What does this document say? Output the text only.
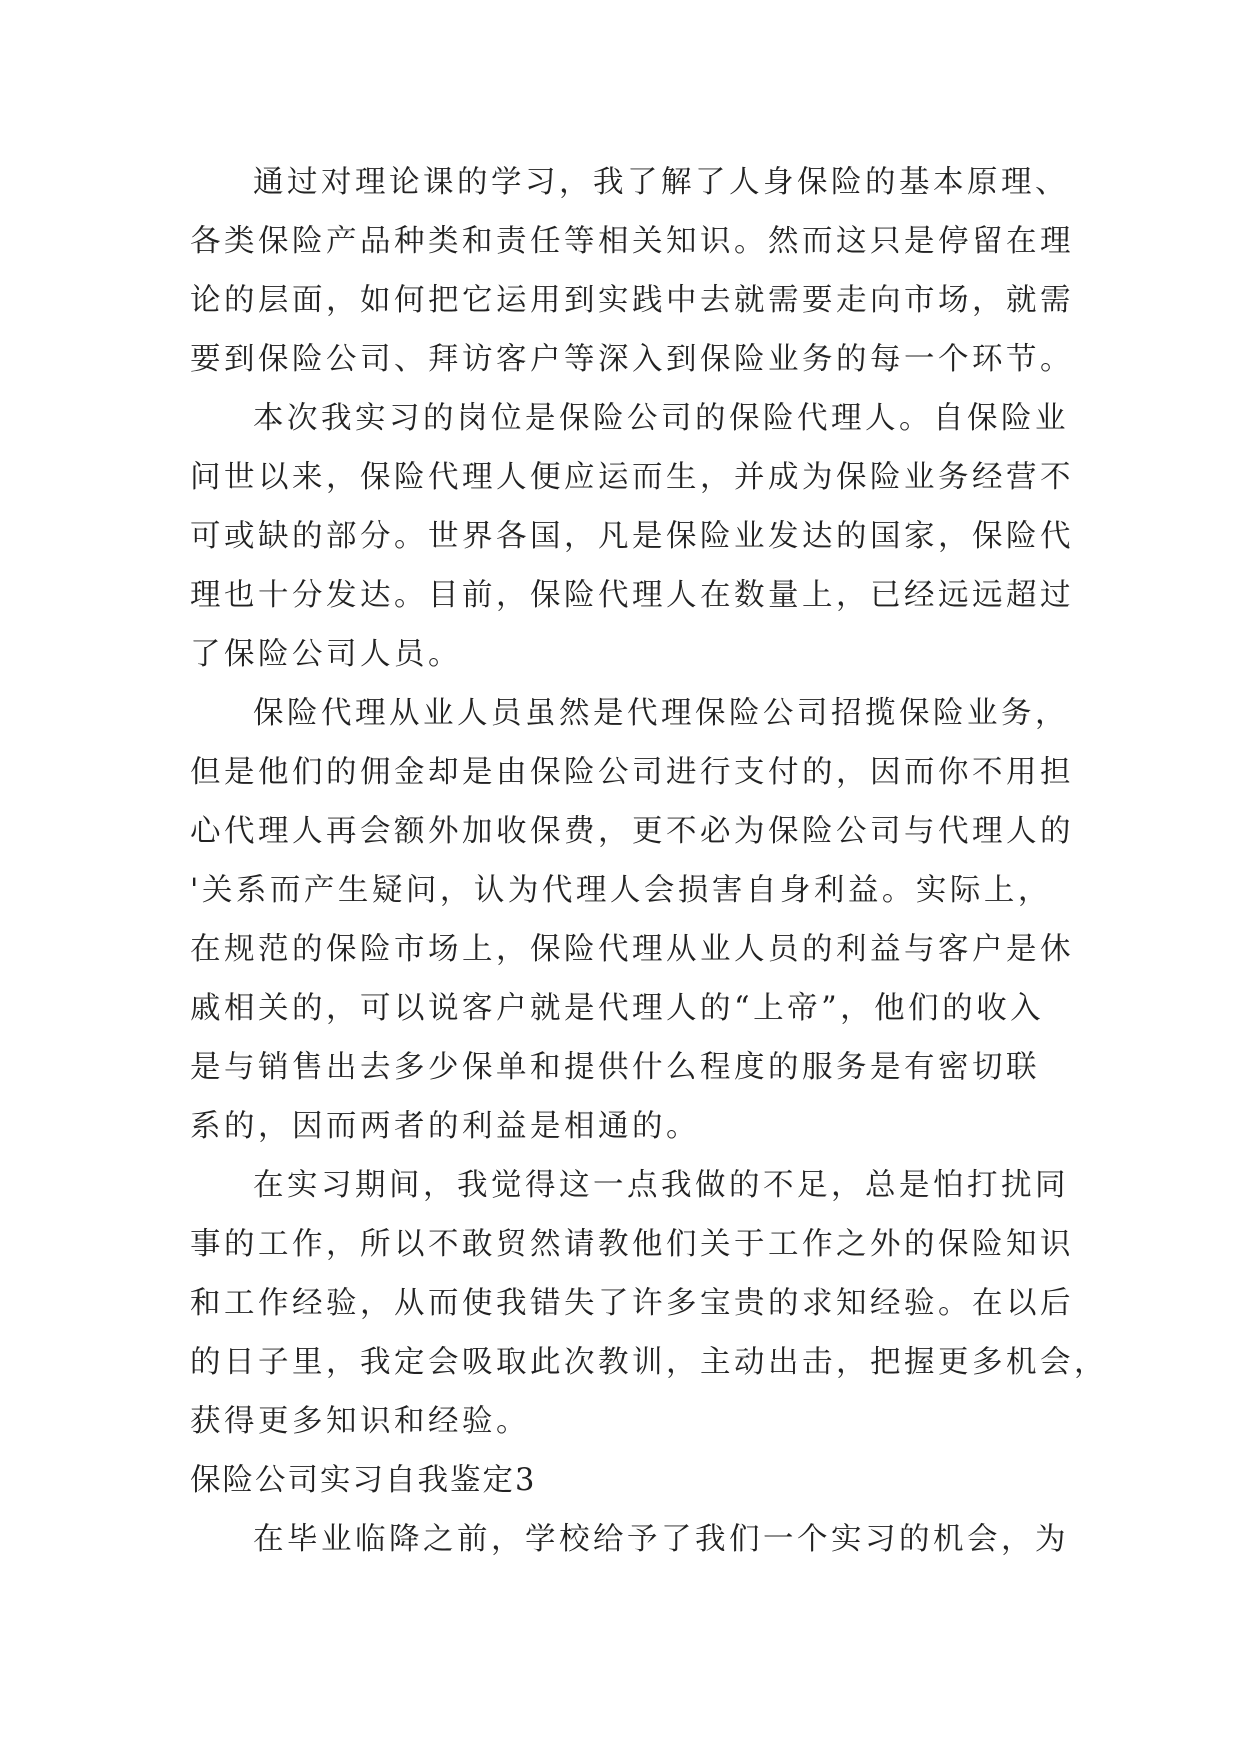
通过对理论课的学习，我了解了人身保险的基本原理、

各类保险产品种类和责任等相关知识。然而这只是停留在理

论的层面，如何把它运用到实践中去就需要走向市场，就需

要到保险公司、拜访客户等深入到保险业务的每一个环节。

本次我实习的岗位是保险公司的保险代理人。自保险业

问世以来，保险代理人便应运而生，并成为保险业务经营不

可或缺的部分。世界各国，凡是保险业发达的国家，保险代

理也十分发达。目前，保险代理人在数量上，已经远远超过

了保险公司人员。

保险代理从业人员虽然是代理保险公司招揽保险业务，

但是他们的佣金却是由保险公司进行支付的，因而你不用担

心代理人再会额外加收保费，更不必为保险公司与代理人的

'关系而产生疑问，认为代理人会损害自身利益。实际上，

在规范的保险市场上，保险代理从业人员的利益与客户是休

戚相关的，可以说客户就是代理人的“上帝”，他们的收入

是与销售出去多少保单和提供什么程度的服务是有密切联

系的，因而两者的利益是相通的。

在实习期间，我觉得这一点我做的不足，总是怕打扰同

事的工作，所以不敢贸然请教他们关于工作之外的保险知识

和工作经验，从而使我错失了许多宝贵的求知经验。在以后

的日子里，我定会吸取此次教训，主动出击，把握更多机会，

获得更多知识和经验。

保险公司实习自我鉴定3

在毕业临降之前，学校给予了我们一个实习的机会，为
